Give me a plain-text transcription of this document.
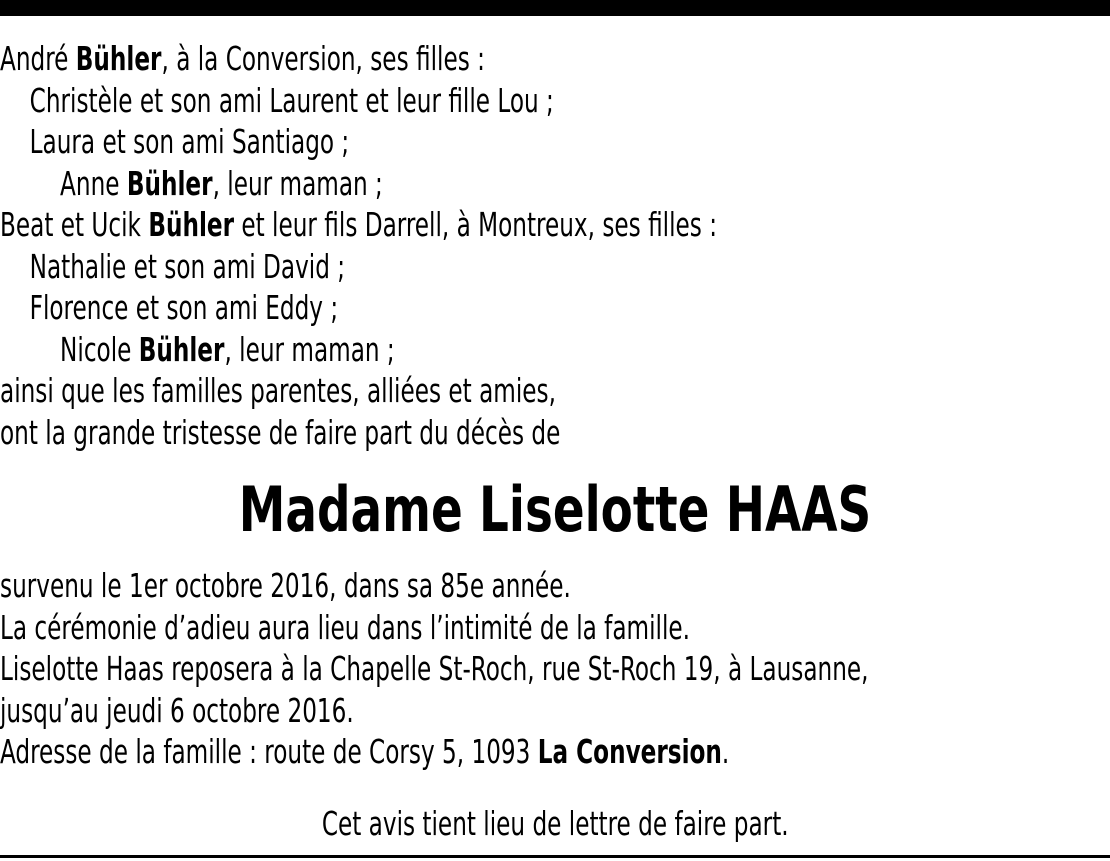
André Bühler, à la Conversion, ses filles :
Christèle et son ami Laurent et leur fille Lou ;
Laura et son ami Santiago ;
Anne Bühler, leur maman ;
Beat et Ucik Bühler et leur fils Darrell, à Montreux, ses filles :
Nathalie et son ami David ;
Florence et son ami Eddy ;
Nicole Bühler, leur maman ;
ainsi que les familles parentes, alliées et amies,
ont la grande tristesse de faire part du décès de
Madame Liselotte HAAS
survenu le 1er octobre 2016, dans sa 85e année.
La cérémonie d’adieu aura lieu dans l’intimité de la famille.
Liselotte Haas reposera à la Chapelle St-Roch, rue St-Roch 19, à Lausanne,
jusqu’au jeudi 6 octobre 2016.
Adresse de la famille : route de Corsy 5, 1093 La Conversion.
Cet avis tient lieu de lettre de faire part.
